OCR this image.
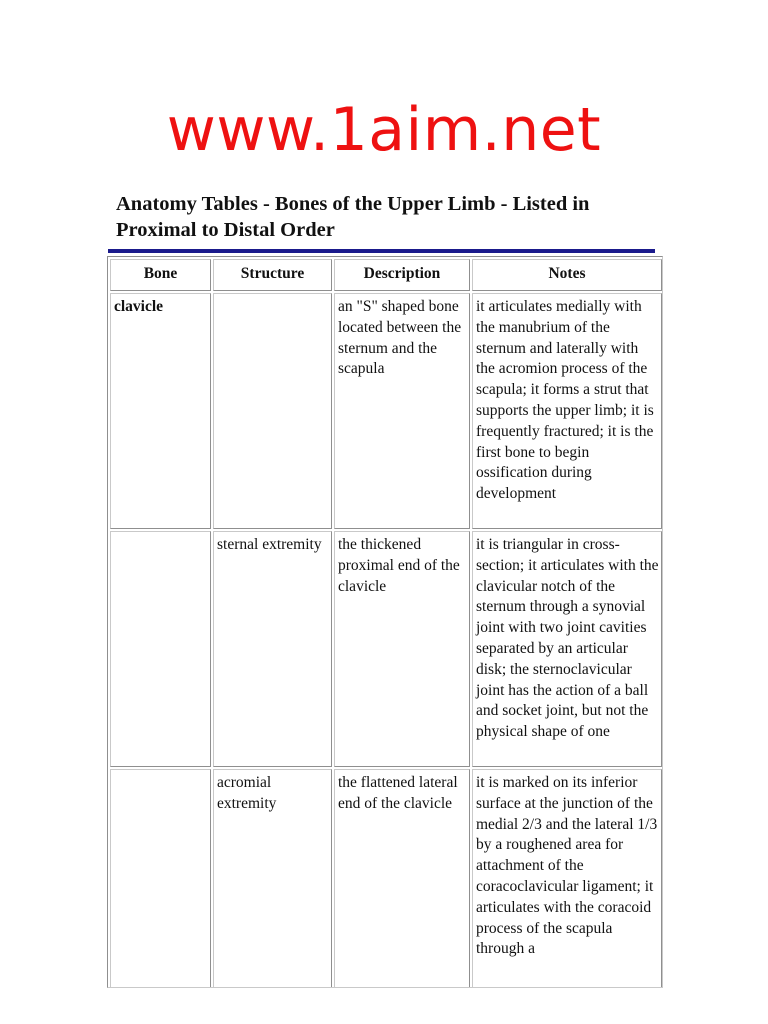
www.1aim.net
Anatomy Tables - Bones of the Upper Limb - Listed in Proximal to Distal Order
Bone	Structure	Description	Notes
clavicle		an "S" shaped bone located between the sternum and the scapula	it articulates medially with the manubrium of the sternum and laterally with the acromion process of the scapula; it forms a strut that supports the upper limb; it is frequently fractured; it is the first bone to begin ossification during development
	sternal extremity	the thickened proximal end of the clavicle	it is triangular in cross-section; it articulates with the clavicular notch of the sternum through a synovial joint with two joint cavities separated by an articular disk; the sternoclavicular joint has the action of a ball and socket joint, but not the physical shape of one
	acromial extremity	the flattened lateral end of the clavicle	it is marked on its inferior surface at the junction of the medial 2/3 and the lateral 1/3 by a roughened area for attachment of the coracoclavicular ligament; it articulates with the coracoid process of the scapula through a
